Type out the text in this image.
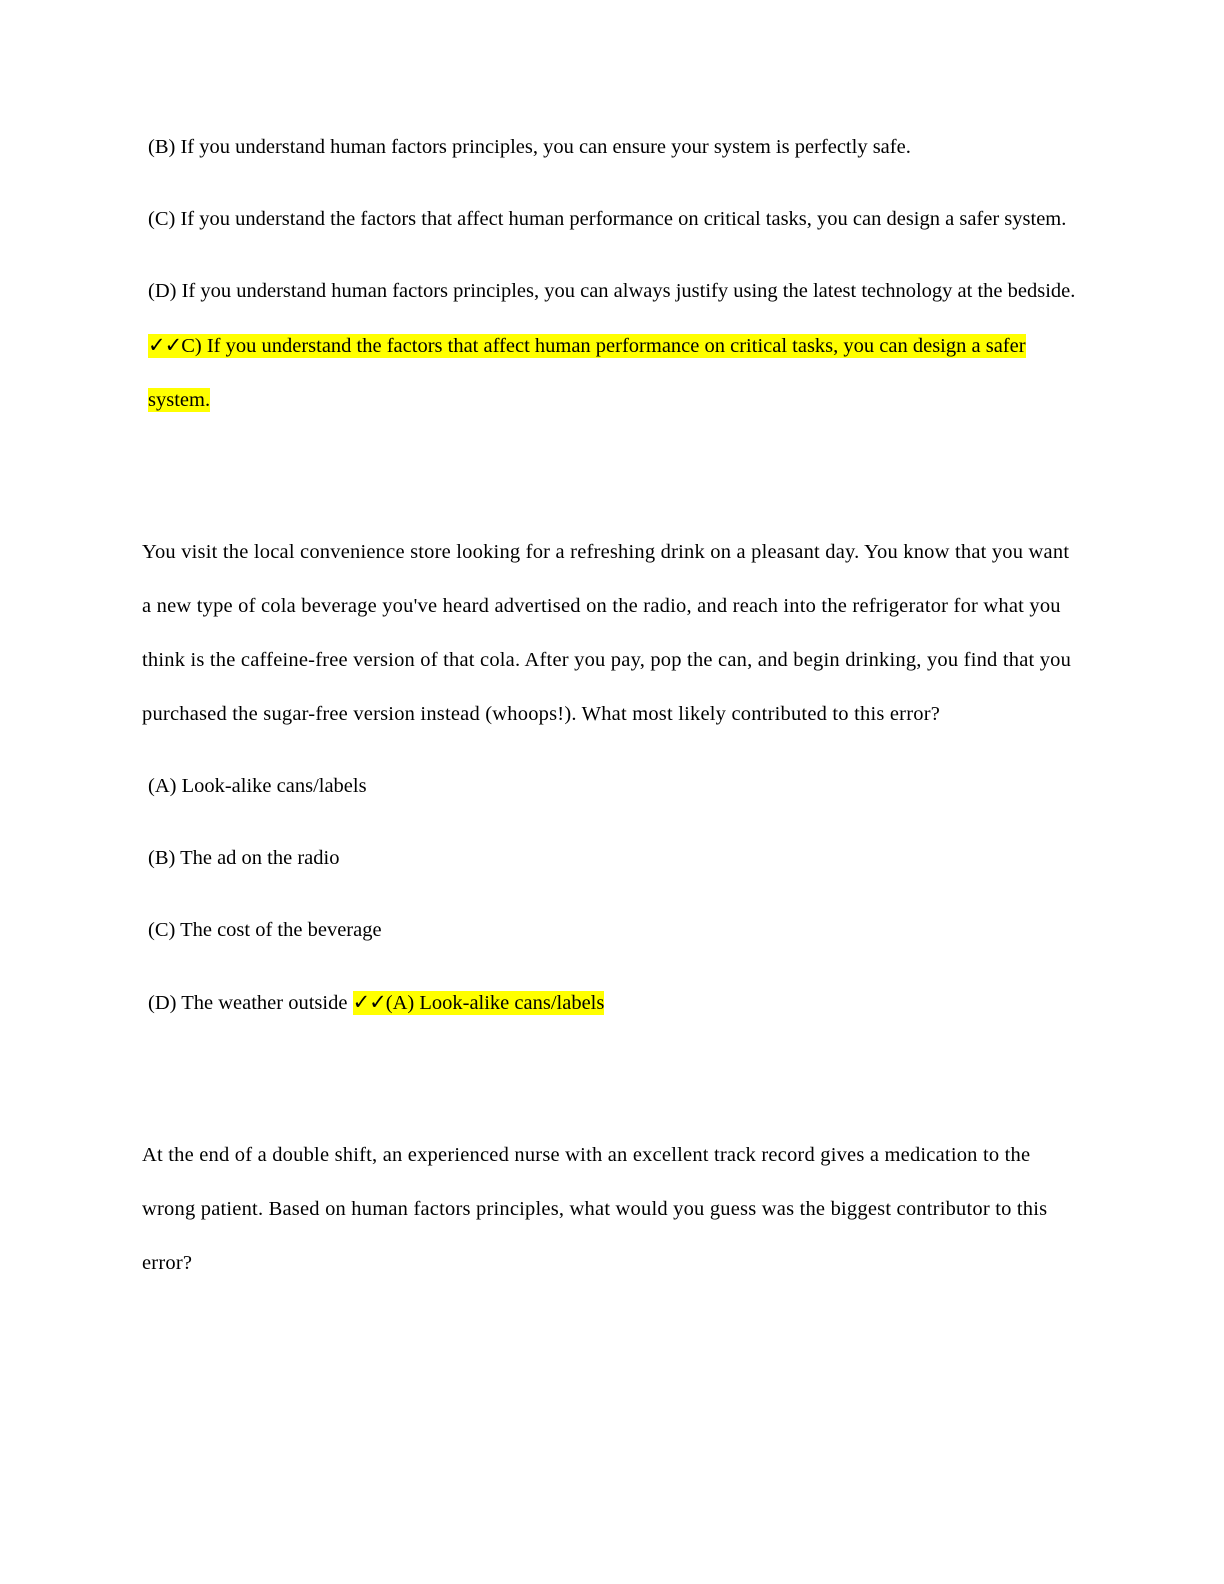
(B) If you understand human factors principles, you can ensure your system is perfectly safe.

(C) If you understand the factors that affect human performance on critical tasks, you can design a safer system.

(D) If you understand human factors principles, you can always justify using the latest technology at the bedside. ✓✓C) If you understand the factors that affect human performance on critical tasks, you can design a safer system.

You visit the local convenience store looking for a refreshing drink on a pleasant day. You know that you want a new type of cola beverage you've heard advertised on the radio, and reach into the refrigerator for what you think is the caffeine-free version of that cola. After you pay, pop the can, and begin drinking, you find that you purchased the sugar-free version instead (whoops!). What most likely contributed to this error?

(A) Look-alike cans/labels

(B) The ad on the radio

(C) The cost of the beverage

(D) The weather outside ✓✓(A) Look-alike cans/labels

At the end of a double shift, an experienced nurse with an excellent track record gives a medication to the wrong patient. Based on human factors principles, what would you guess was the biggest contributor to this error?
